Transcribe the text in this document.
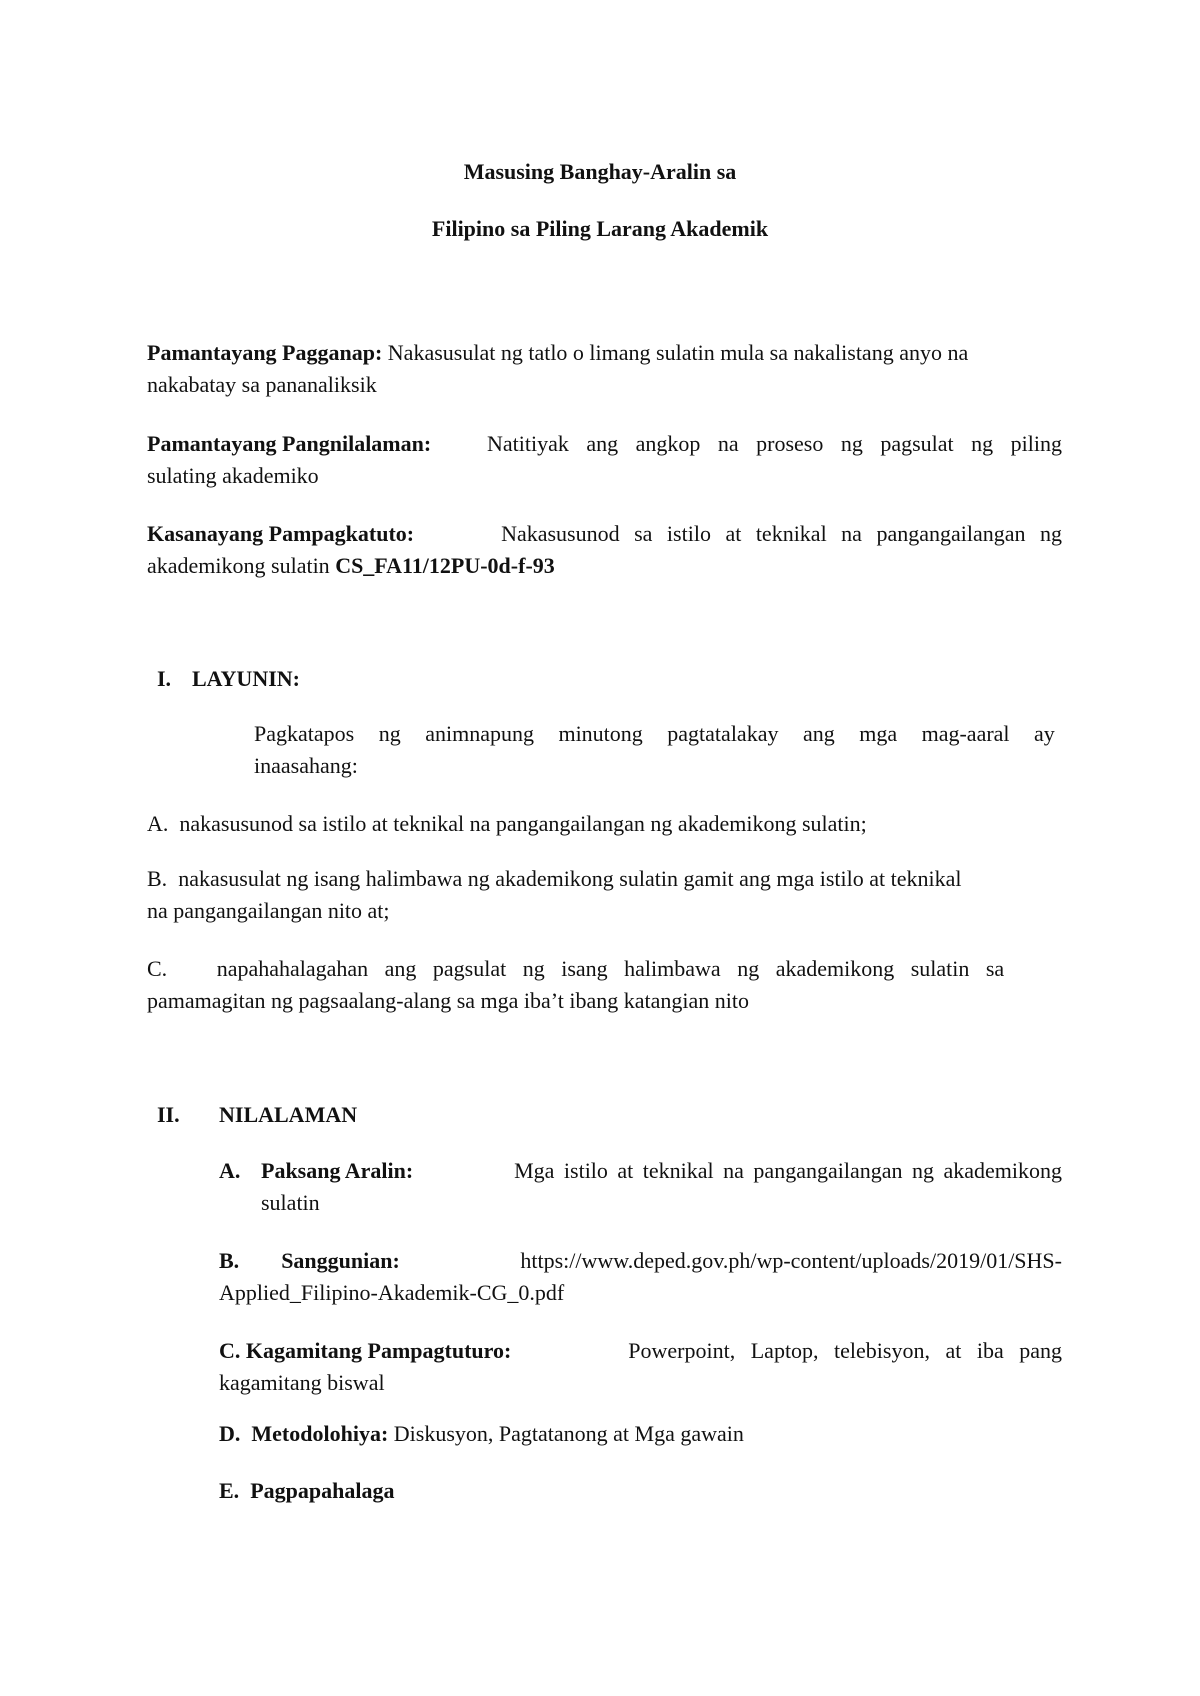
Masusing Banghay-Aralin sa
Filipino sa Piling Larang Akademik
Pamantayang Pagganap: Nakasusulat ng tatlo o limang sulatin mula sa nakalistang anyo na
nakabatay sa pananaliksik
Pamantayang Pangnilalaman:	Natitiyak ang angkop na proseso ng pagsulat ng piling
sulating akademiko
Kasanayang Pampagkatuto:	Nakasusunod sa istilo at teknikal na pangangailangan ng
akademikong sulatin CS_FA11/12PU-0d-f-93
I. LAYUNIN:
Pagkatapos ng animnapung minutong pagtatalakay ang mga mag-aaral ay
inaasahang:
A. nakasusunod sa istilo at teknikal na pangangailangan ng akademikong sulatin;
B. nakasusulat ng isang halimbawa ng akademikong sulatin gamit ang mga istilo at teknikal
na pangangailangan nito at;
C. napahahalagahan ang pagsulat ng isang halimbawa ng akademikong sulatin sa
pamamagitan ng pagsaalang-alang sa mga iba’t ibang katangian nito
II. NILALAMAN
A. Paksang Aralin:	Mga istilo at teknikal na pangangailangan ng akademikong
sulatin
B. Sanggunian:	https://www.deped.gov.ph/wp-content/uploads/2019/01/SHS-
Applied_Filipino-Akademik-CG_0.pdf
C. Kagamitang Pampagtuturo:	Powerpoint, Laptop, telebisyon, at iba pang
kagamitang biswal
D. Metodolohiya: Diskusyon, Pagtatanong at Mga gawain
E. Pagpapahalaga
